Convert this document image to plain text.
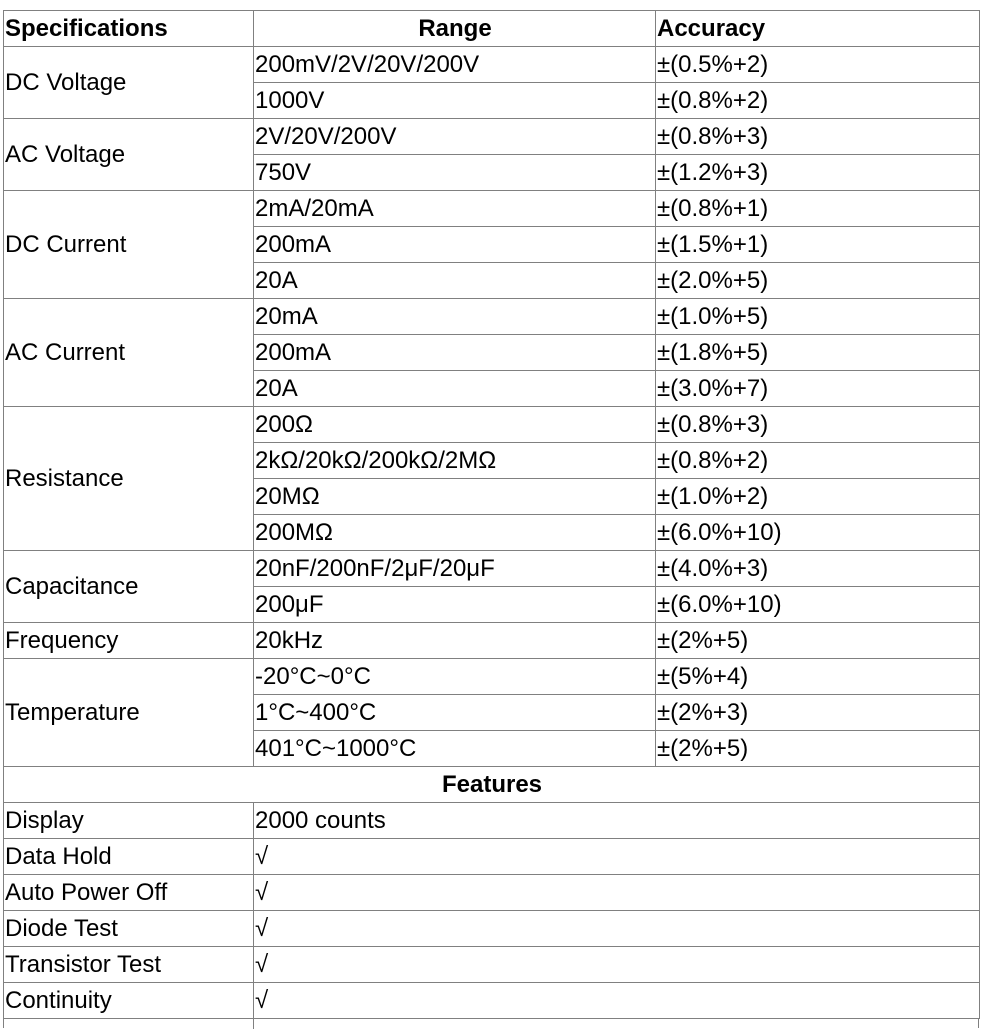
Specifications	Range	Accuracy
DC Voltage	200mV/2V/20V/200V	±(0.5%+2)
	1000V	±(0.8%+2)
AC Voltage	2V/20V/200V	±(0.8%+3)
	750V	±(1.2%+3)
DC Current	2mA/20mA	±(0.8%+1)
	200mA	±(1.5%+1)
	20A	±(2.0%+5)
AC Current	20mA	±(1.0%+5)
	200mA	±(1.8%+5)
	20A	±(3.0%+7)
Resistance	200Ω	±(0.8%+3)
	2kΩ/20kΩ/200kΩ/2MΩ	±(0.8%+2)
	20MΩ	±(1.0%+2)
	200MΩ	±(6.0%+10)
Capacitance	20nF/200nF/2μF/20μF	±(4.0%+3)
	200μF	±(6.0%+10)
Frequency	20kHz	±(2%+5)
Temperature	-20°C~0°C	±(5%+4)
	1°C~400°C	±(2%+3)
	401°C~1000°C	±(2%+5)
Features		
Display	2000 counts	
Data Hold	√	
Auto Power Off	√	
Diode Test	√	
Transistor Test	√	
Continuity	√	
